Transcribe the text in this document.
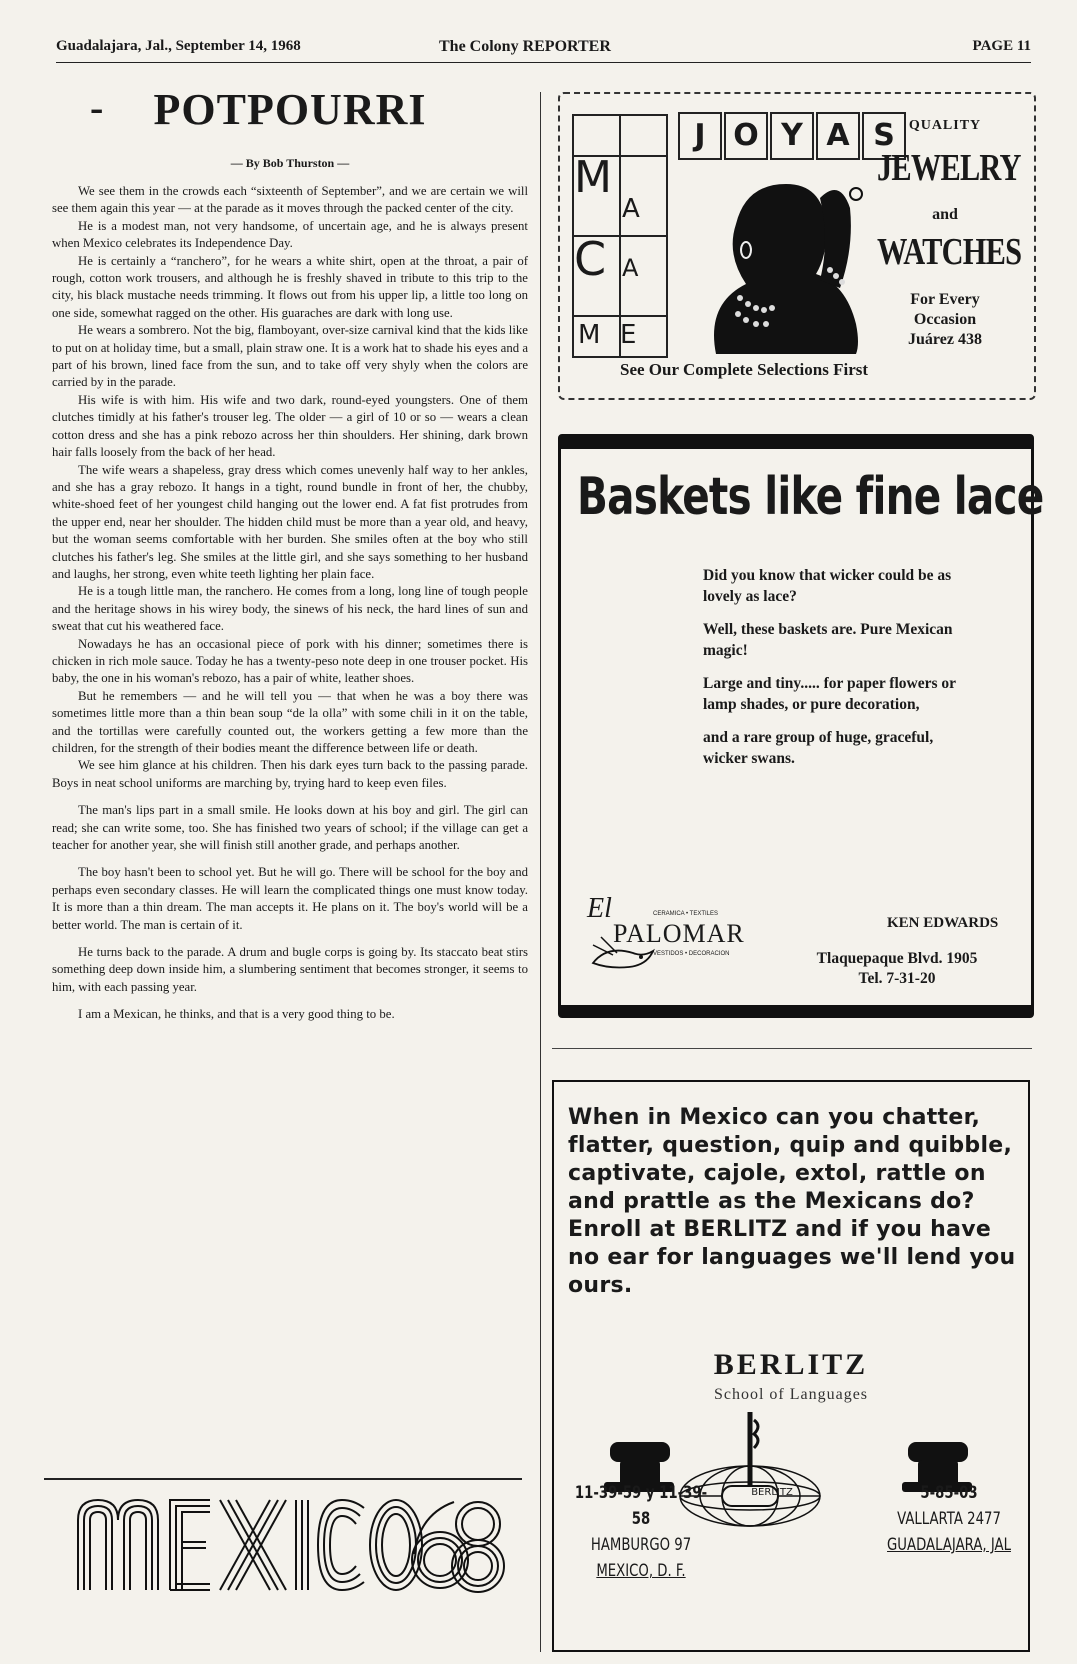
Guadalajara, Jal., September 14, 1968	The Colony REPORTER	PAGE 11
- POTPOURRI
— By Bob Thurston —

We see them in the crowds each “sixteenth of September”, and we are certain we will see them again this year — at the parade as it moves through the packed center of the city.

He is a modest man, not very handsome, of uncertain age, and he is always present when Mexico celebrates its Independence Day.

He is certainly a “ranchero”, for he wears a white shirt, open at the throat, a pair of rough, cotton work trousers, and although he is freshly shaved in tribute to this trip to the city, his black mustache needs trimming. It flows out from his upper lip, a little too long on one side, somewhat ragged on the other. His guaraches are dark with long use.

He wears a sombrero. Not the big, flamboyant, over-size carnival kind that the kids like to put on at holiday time, but a small, plain straw one. It is a work hat to shade his eyes and a part of his brown, lined face from the sun, and to take off very shyly when the colors are carried by in the parade.

His wife is with him. His wife and two dark, round-eyed youngsters. One of them clutches timidly at his father's trouser leg. The older — a girl of 10 or so — wears a clean cotton dress and she has a pink rebozo across her thin shoulders. Her shining, dark brown hair falls loosely from the back of her head.

The wife wears a shapeless, gray dress which comes unevenly half way to her ankles, and she has a gray rebozo. It hangs in a tight, round bundle in front of her, the chubby, white-shoed feet of her youngest child hanging out the lower end. A fat fist protrudes from the upper end, near her shoulder. The hidden child must be more than a year old, and heavy, but the woman seems comfortable with her burden. She smiles often at the boy who still clutches his father's leg. She smiles at the little girl, and she says something to her husband and laughs, her strong, even white teeth lighting her plain face.

He is a tough little man, the ranchero. He comes from a long, long line of tough people and the heritage shows in his wirey body, the sinews of his neck, the hard lines of sun and sweat that cut his weathered face.

Nowadays he has an occasional piece of pork with his dinner; sometimes there is chicken in rich mole sauce. Today he has a twenty-peso note deep in one trouser pocket. His baby, the one in his woman's rebozo, has a pair of white, leather shoes.

But he remembers — and he will tell you — that when he was a boy there was sometimes little more than a thin bean soup “de la olla” with some chili in it on the table, and the tortillas were carefully counted out, the workers getting a few more than the children, for the strength of their bodies meant the difference between life or death.

We see him glance at his children. Then his dark eyes turn back to the passing parade. Boys in neat school uniforms are marching by, trying hard to keep even files.

The man's lips part in a small smile. He looks down at his boy and girl. The girl can read; she can write some, too. She has finished two years of school; if the village can get a teacher for another year, she will finish still another grade, and perhaps another.

The boy hasn't been to school yet. But he will go. There will be school for the boy and perhaps even secondary classes. He will learn the complicated things one must know today. It is more than a thin dream. The man accepts it. He plans on it. The boy's world will be a better world. The man is certain of it.

He turns back to the parade. A drum and bugle corps is going by. Its staccato beat stirs something deep down inside him, a slumbering sentiment that becomes stronger, it seems to him, with each passing year.

I am a Mexican, he thinks, and that is a very good thing to be.

M
A
C A
M E
J O Y A S	QUALITY
JEWELRY
and
WATCHES
For Every
Occasion
Juárez 438
See Our Complete Selections First
Baskets like fine lace

Did you know that wicker could be as lovely as lace?

Well, these baskets are. Pure Mexican magic!

Large and tiny..... for paper flowers or lamp shades, or pure decoration,

and a rare group of huge, graceful, wicker swans.

El
PALOMAR
CERAMICA • TEXTILES
VESTIDOS • DECORACION
KEN EDWARDS
Tlaquepaque Blvd. 1905
Tel. 7-31-20
When in Mexico can you chatter, flatter, question, quip and quibble, captivate, cajole, extol, rattle on and prattle as the Mexicans do? Enroll at BERLITZ and if you have no ear for languages we'll lend you ours.
BERLITZ
School of Languages
BERLITZ
11-39-59 y 11-39-58
HAMBURGO 97
MEXICO, D. F.
5-85-03
VALLARTA 2477
GUADALAJARA, JAL
